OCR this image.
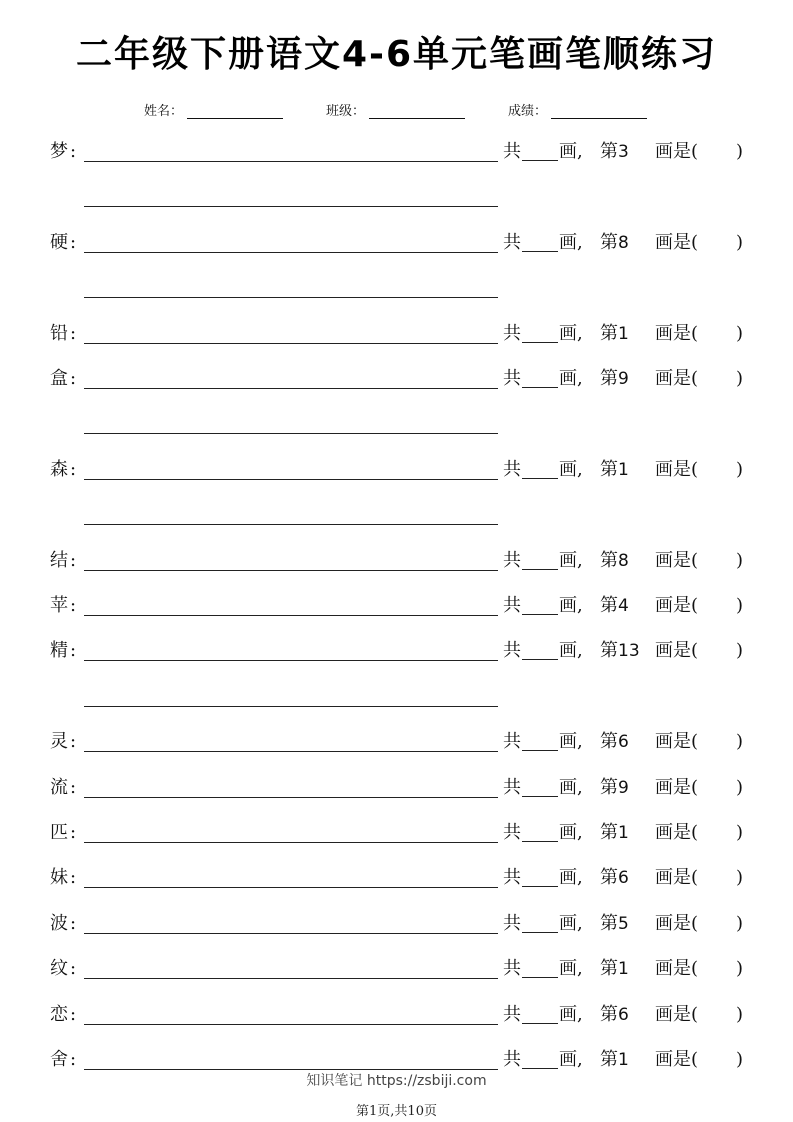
二年级下册语文4-6单元笔画笔顺练习
姓名：	班级：	成绩：
梦 :	共 画, 第3 画是( )
硬 :	共 画, 第8 画是( )
铅 :	共 画, 第1 画是( )
盒 :	共 画, 第9 画是( )
森 :	共 画, 第1 画是( )
结 :	共 画, 第8 画是( )
苹 :	共 画, 第4 画是( )
精 :	共 画, 第13 画是( )
灵 :	共 画, 第6 画是( )
流 :	共 画, 第9 画是( )
匹 :	共 画, 第1 画是( )
妹 :	共 画, 第6 画是( )
波 :	共 画, 第5 画是( )
纹 :	共 画, 第1 画是( )
恋 :	共 画, 第6 画是( )
舍 :	共 画, 第1 画是( )
知识笔记 https://zsbiji.com
第1页,共10页
